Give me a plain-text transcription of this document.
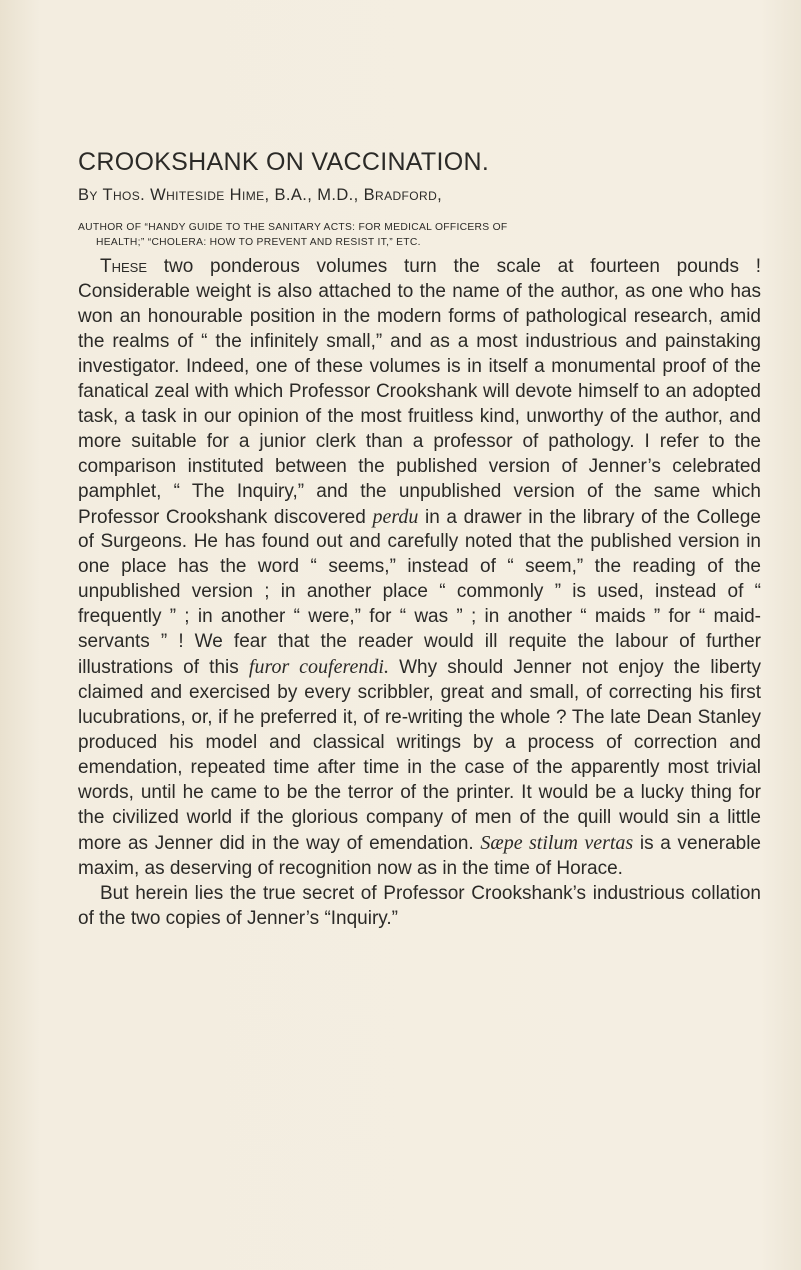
CROOKSHANK ON VACCINATION.
By Thos. Whiteside Hime, B.A., M.D., Bradford,
AUTHOR OF “HANDY GUIDE TO THE SANITARY ACTS: FOR MEDICAL OFFICERS OF
HEALTH;” “CHOLERA: HOW TO PREVENT AND RESIST IT,” ETC.

These two ponderous volumes turn the scale at fourteen pounds ! Considerable weight is also attached to the name of the author, as one who has won an honourable position in the modern forms of pathological research, amid the realms of “ the infinitely small,” and as a most industrious and painstaking investigator. Indeed, one of these volumes is in itself a monumental proof of the fanatical zeal with which Professor Crookshank will devote himself to an adopted task, a task in our opinion of the most fruitless kind, unworthy of the author, and more suitable for a junior clerk than a professor of pathology. I refer to the comparison instituted between the published version of Jenner’s celebrated pamphlet, “ The Inquiry,” and the unpublished version of the same which Professor Crookshank discovered perdu in a drawer in the library of the College of Surgeons. He has found out and carefully noted that the published version in one place has the word “ seems,” instead of “ seem,” the reading of the unpublished version ; in another place “ commonly ” is used, instead of “ frequently ” ; in another “ were,” for “ was ” ; in another “ maids ” for “ maid-servants ” ! We fear that the reader would ill requite the labour of further illustrations of this furor couferendi. Why should Jenner not enjoy the liberty claimed and exercised by every scribbler, great and small, of correcting his first lucubrations, or, if he preferred it, of re-writing the whole ? The late Dean Stanley produced his model and classical writings by a process of correction and emendation, repeated time after time in the case of the apparently most trivial words, until he came to be the terror of the printer. It would be a lucky thing for the civilized world if the glorious company of men of the quill would sin a little more as Jenner did in the way of emendation. Sæpe stilum vertas is a venerable maxim, as deserving of recognition now as in the time of Horace.

But herein lies the true secret of Professor Crookshank’s industrious collation of the two copies of Jenner’s “Inquiry.”
